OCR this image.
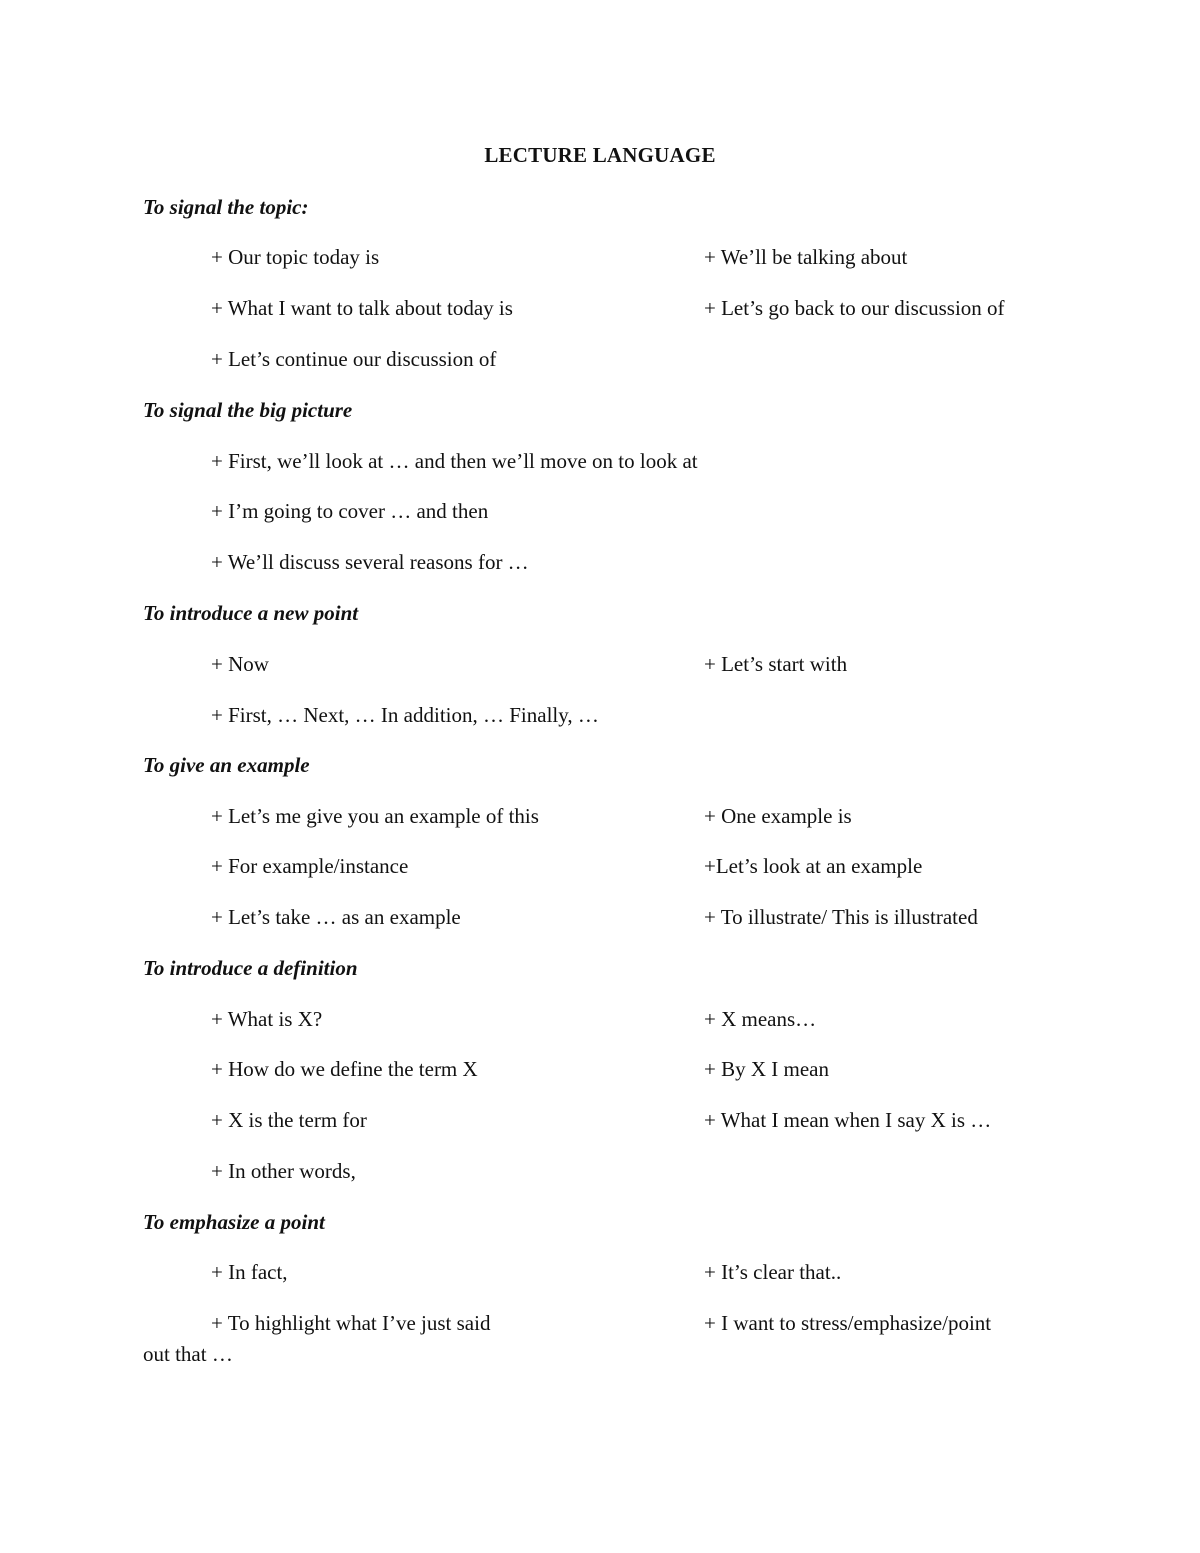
LECTURE LANGUAGE
To signal the topic:
+ Our topic today is	+ We’ll be talking about
+ What I want to talk about today is	+ Let’s go back to our discussion of
+ Let’s continue our discussion of
To signal the big picture
+ First, we’ll look at … and then we’ll move on to look at
+ I’m going to cover … and then
+ We’ll discuss several reasons for …
To introduce a new point
+ Now	+ Let’s start with
+ First, … Next, … In addition, … Finally, …
To give an example
+ Let’s me give you an example of this	+ One example is
+ For example/instance	+Let’s look at an example
+ Let’s take … as an example	+ To illustrate/ This is illustrated
To introduce a definition
+ What is X?	+ X means…
+ How do we define the term X	+ By X I mean
+ X is the term for	+ What I mean when I say X is …
+ In other words,
To emphasize a point
+ In fact,	+ It’s clear that..
+ To highlight what I’ve just said	+ I want to stress/emphasize/point
out that …
